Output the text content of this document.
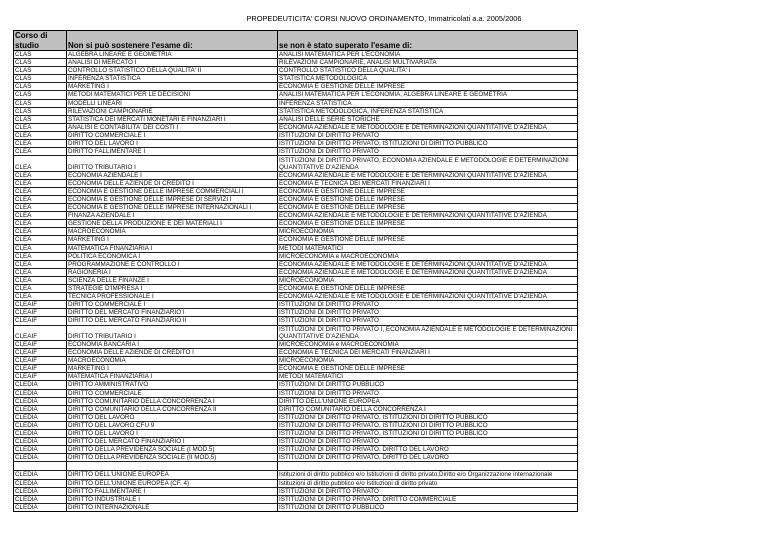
PROPEDEUTICITA' CORSI NUOVO ORDINAMENTO, Immatricolati a.a. 2005/2006
Corso di
studio	Non si può sostenere l'esame di:	se non è stato superato l'esame di:
CLAS	ALGEBRA LINEARE E GEOMETRIA	ANALISI MATEMATICA PER L'ECONOMIA
CLAS	ANALISI DI MERCATO I	RILEVAZIONI CAMPIONARIE, ANALISI MULTIVARIATA
CLAS	CONTROLLO STATISTICO DELLA QUALITA' II	CONTROLLO STATISTICO DELLA QUALITA' I
CLAS	INFERENZA STATISTICA	STATISTICA METODOLOGICA
CLAS	MARKETING I	ECONOMIA E GESTIONE DELLE IMPRESE
CLAS	METODI MATEMATICI PER LE DECISIONI	ANALISI MATEMATICA PER L'ECONOMIA, ALGEBRA LINEARE E GEOMETRIA
CLAS	MODELLI LINEARI	INFERENZA STATISTICA
CLAS	RILEVAZIONI CAMPIONARIE	STATISTICA METODOLOGICA, INFERENZA STATISTICA
CLAS	STATISTICA DEI MERCATI MONETARI E FINANZIARI I	ANALISI DELLE SERIE STORICHE
CLEA	ANALISI E CONTABILITA' DEI COSTI I	ECONOMIA AZIENDALE E METODOLOGIE E DETERMINAZIONI QUANTITATIVE D'AZIENDA
CLEA	DIRITTO COMMERCIALE I	ISTITUZIONI DI DIRITTO PRIVATO
CLEA	DIRITTO DEL LAVORO I	ISTITUZIONI DI DIRITTO PRIVATO, ISTITUZIONI DI DIRITTO PUBBLICO
CLEA	DIRITTO FALLIMENTARE I	ISTITUZIONI DI DIRITTO PRIVATO
CLEA	DIRITTO TRIBUTARIO I	ISTITUZIONI DI DIRITTO PRIVATO, ECONOMIA AZIENDALE E METODOLOGIE E DETERMINAZIONI QUANTITATIVE D'AZIENDA
CLEA	ECONOMIA AZIENDALE I	ECONOMIA AZIENDALE E METODOLOGIE E DETERMINAZIONI QUANTITATIVE D'AZIENDA
CLEA	ECONOMIA DELLE AZIENDE DI CREDITO I	ECONOMIA E TECNICA DEI MERCATI FINANZIARI I
CLEA	ECONOMIA E GESTIONE DELLE IMPRESE COMMERCIALI I	ECONOMIA E GESTIONE DELLE IMPRESE
CLEA	ECONOMIA E GESTIONE DELLE IMPRESE DI SERVIZI I	ECONOMIA E GESTIONE DELLE IMPRESE
CLEA	ECONOMIA E GESTIONE DELLE IMPRESE INTERNAZIONALI I	ECONOMIA E GESTIONE DELLE IMPRESE
CLEA	FINANZA AZIENDALE I	ECONOMIA AZIENDALE E METODOLOGIE E DETERMINAZIONI QUANTITATIVE D'AZIENDA
CLEA	GESTIONE DELLA PRODUZIONE E DEI MATERIALI I	ECONOMIA E GESTIONE DELLE IMPRESE
CLEA	MACROECONOMIA	MICROECONOMIA
CLEA	MARKETING I	ECONOMIA E GESTIONE DELLE IMPRESE
CLEA	MATEMATICA FINANZIARIA I	METODI MATEMATICI
CLEA	POLITICA ECONOMICA I	MICROECONOMIA e MACROECONOMIA
CLEA	PROGRAMMAZIONE E CONTROLLO I	ECONOMIA AZIENDALE E METODOLOGIE E DETERMINAZIONI QUANTITATIVE D'AZIENDA
CLEA	RAGIONERIA I	ECONOMIA AZIENDALE E METODOLOGIE E DETERMINAZIONI QUANTITATIVE D'AZIENDA
CLEA	SCIENZA DELLE FINANZE I	MICROECONOMIA
CLEA	STRATEGIE D'IMPRESA I	ECONOMIA E GESTIONE DELLE IMPRESE
CLEA	TECNICA PROFESSIONALE I	ECONOMIA AZIENDALE E METODOLOGIE E DETERMINAZIONI QUANTITATIVE D'AZIENDA
CLEAIF	DIRITTO COMMERCIALE I	ISTITUZIONI DI DIRITTO PRIVATO
CLEAIF	DIRITTO DEL MERCATO FINANZIARIO I	ISTITUZIONI DI DIRITTO PRIVATO
CLEAIF	DIRITTO DEL MERCATO FINANZIARIO II	ISTITUZIONI DI DIRITTO PRIVATO
CLEAIF	DIRITTO TRIBUTARIO I	ISTITUZIONI DI DIRITTO PRIVATO I, ECONOMIA AZIENDALE E METODOLOGIE E DETERMINAZIONI QUANTITATIVE D'AZIENDA
CLEAIF	ECONOMIA BANCARIA I	MICROECONOMIA e MACROECONOMIA
CLEAIF	ECONOMIA DELLE AZIENDE DI CREDITO I	ECONOMIA E TECNICA DEI MERCATI FINANZIARI I
CLEAIF	MACROECONOMIA	MICROECONOMIA
CLEAIF	MARKETING I	ECONOMIA E GESTIONE DELLE IMPRESE
CLEAIF	MATEMATICA FINANZIARIA I	METODI MATEMATICI
CLEDIA	DIRITTO AMMINISTRATIVO	ISTITUZIONI DI DIRITTO PUBBLICO
CLEDIA	DIRITTO COMMERCIALE	ISTITUZIONI DI DIRITTO PRIVATO
CLEDIA	DIRITTO COMUNITARIO DELLA CONCORRENZA I	DIRITTO DELL'UNIONE EUROPEA
CLEDIA	DIRITTO COMUNITARIO DELLA CONCORRENZA II	DIRITTO COMUNITARIO DELLA CONCORRENZA I
CLEDIA	DIRITTO DEL LAVORO	ISTITUZIONI DI DIRITTO PRIVATO, ISTITUZIONI DI DIRITTO PUBBLICO
CLEDIA	DIRITTO DEL LAVORO CFU 9	ISTITUZIONI DI DIRITTO PRIVATO, ISTITUZIONI DI DIRITTO PUBBLICO
CLEDIA	DIRITTO DEL LAVORO I	ISTITUZIONI DI DIRITTO PRIVATO, ISTITUZIONI DI DIRITTO PUBBLICO
CLEDIA	DIRITTO DEL MERCATO FINANZIARIO I	ISTITUZIONI DI DIRITTO PRIVATO
CLEDIA	DIRITTO DELLA PREVIDENZA SOCIALE (I MOD.5)	ISTITUZIONI DI DIRITTO PRIVATO, DIRITTO DEL LAVORO
CLEDIA	DIRITTO DELLA PREVIDENZA SOCIALE (II MOD.5)	ISTITUZIONI DI DIRITTO PRIVATO, DIRITTO DEL LAVORO

CLEDIA	DIRITTO DELL'UNIONE EUROPEA	Istituzioni di diritto pubblico e/o Istituzioni di diritto privato;Diritto e/o Organizzazione internazionale
CLEDIA	DIRITTO DELL'UNIONE EUROPEA (CF. 4)	Istituzioni di diritto pubblico e/o Istituzioni di diritto privato
CLEDIA	DIRITTO FALLIMENTARE I	ISTITUZIONI DI DIRITTO PRIVATO
CLEDIA	DIRITTO INDUSTRIALE I	ISTITUZIONI DI DIRITTO PRIVATO, DIRITTO COMMERCIALE
CLEDIA	DIRITTO INTERNAZIONALE	ISTITUZIONI DI DIRITTO PUBBLICO
